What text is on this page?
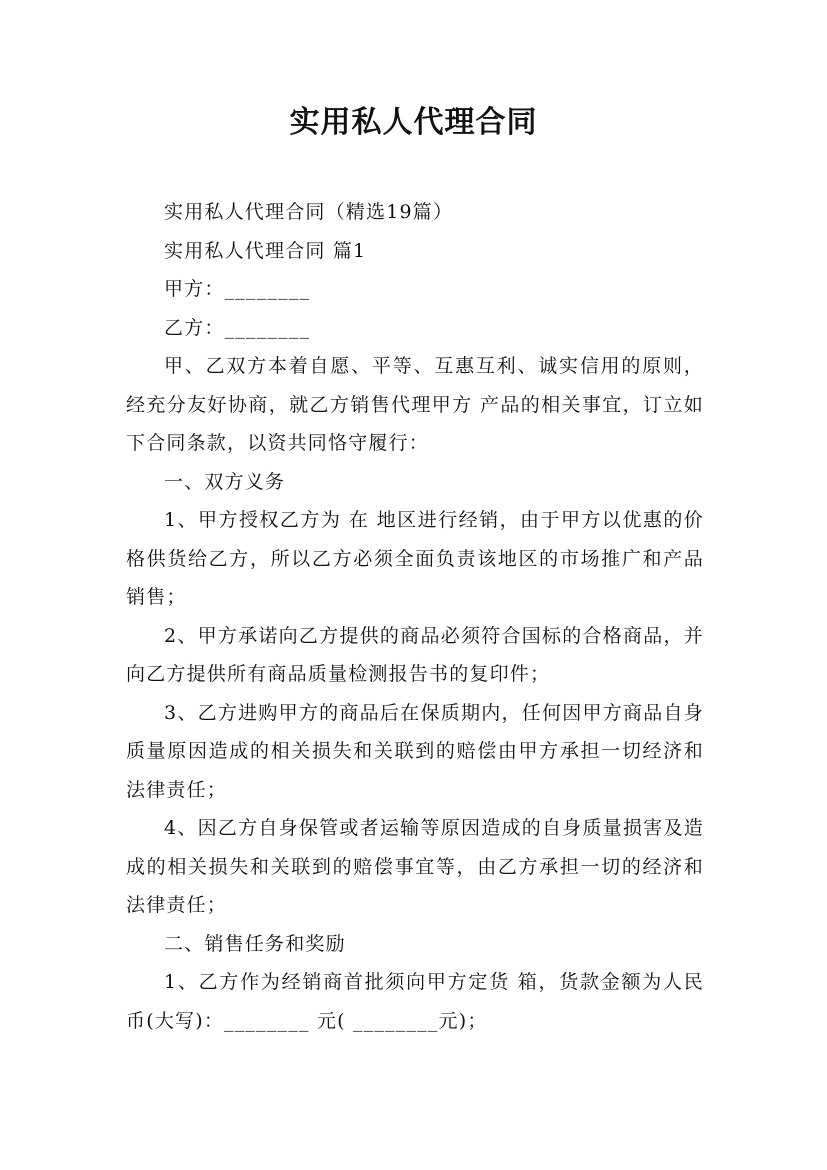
实用私人代理合同

实用私人代理合同（精选19篇）

实用私人代理合同 篇1

甲方：________

乙方：________

甲、乙双方本着自愿、平等、互惠互利、诚实信用的原则，经充分友好协商，就乙方销售代理甲方 产品的相关事宜，订立如下合同条款，以资共同恪守履行：

一、双方义务

1、甲方授权乙方为 在 地区进行经销，由于甲方以优惠的价格供货给乙方，所以乙方必须全面负责该地区的市场推广和产品销售；

2、甲方承诺向乙方提供的商品必须符合国标的合格商品，并向乙方提供所有商品质量检测报告书的复印件；

3、乙方进购甲方的商品后在保质期内，任何因甲方商品自身质量原因造成的相关损失和关联到的赔偿由甲方承担一切经济和法律责任；

4、因乙方自身保管或者运输等原因造成的自身质量损害及造成的相关损失和关联到的赔偿事宜等，由乙方承担一切的经济和法律责任；

二、销售任务和奖励

1、乙方作为经销商首批须向甲方定货 箱，货款金额为人民币(大写)：________ 元( ________元)；
